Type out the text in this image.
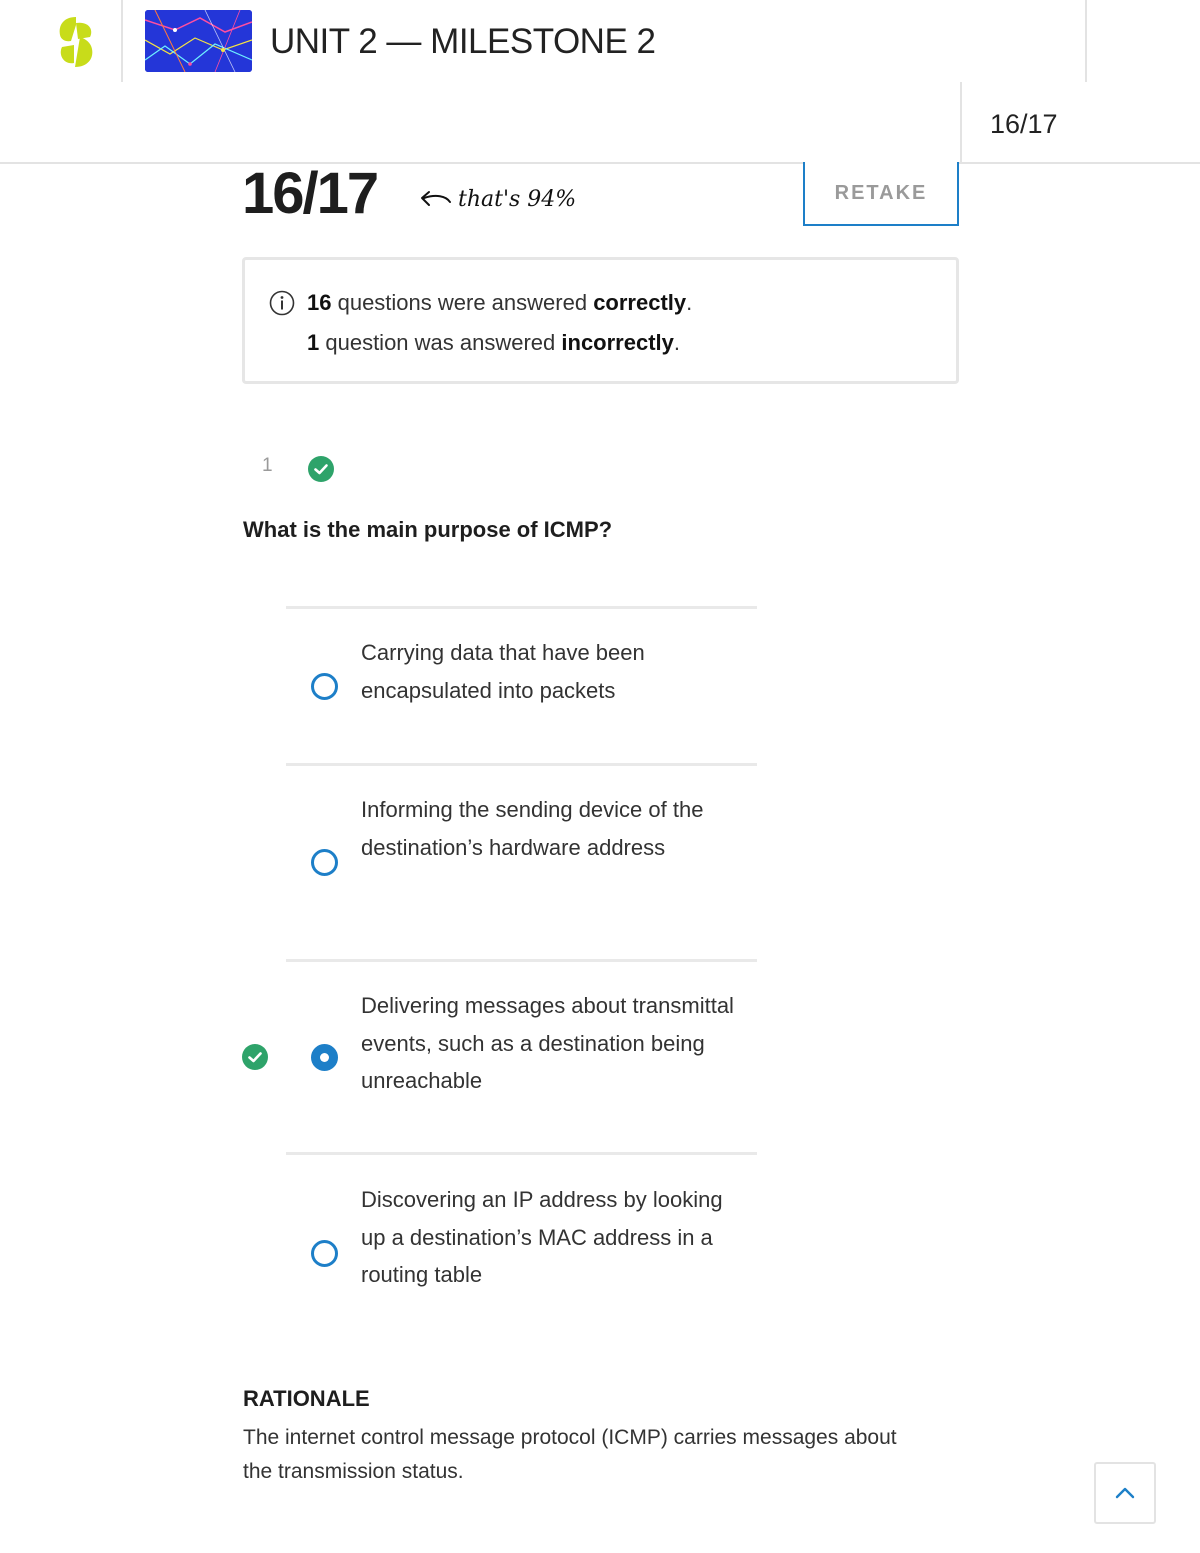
UNIT 2 — MILESTONE 2
16/17
16/17	that's 94%	RETAKE
16 questions were answered correctly.
1 question was answered incorrectly.
1
What is the main purpose of ICMP?
Carrying data that have been encapsulated into packets
Informing the sending device of the destination’s hardware address
Delivering messages about transmittal events, such as a destination being unreachable
Discovering an IP address by looking up a destination’s MAC address in a routing table
RATIONALE
The internet control message protocol (ICMP) carries messages about the transmission status.
